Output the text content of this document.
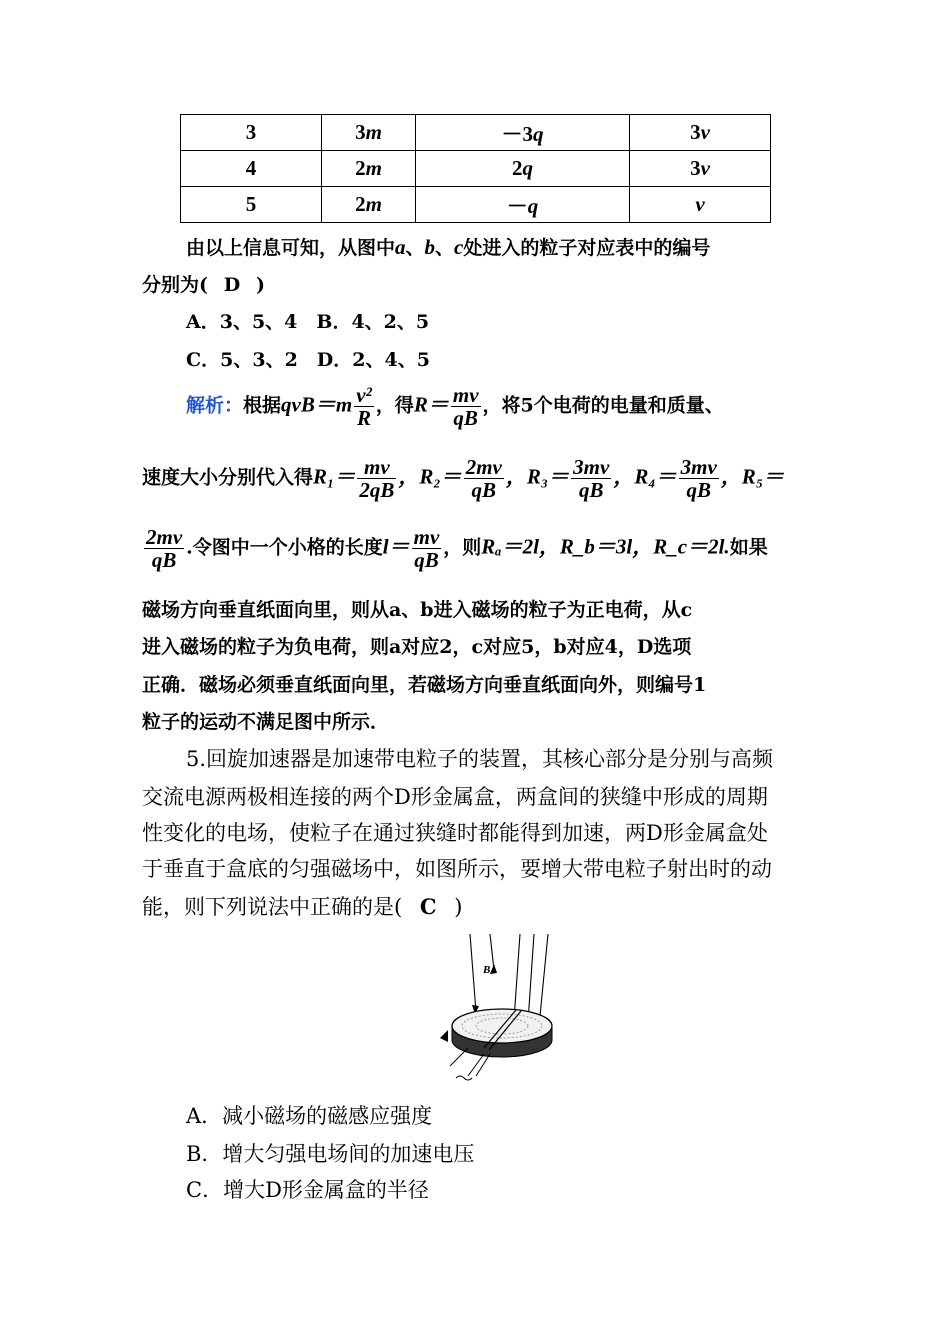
3	3m	－3q	3v
4	2m	2q	3v
5	2m	－q	v
由以上信息可知，从图中a、b、c处进入的粒子对应表中的编号
分别为( D )
A．3、5、4　B．4、2、5
C．5、3、2　D．2、4、5
解析：根据$qvB=m \frac{\text{v²}}{R}$ ，得$R= \frac{mv}{qB}$ ，将5个电荷的电量和质量、
速度大小分别代入得$R_1= \frac{mv}{2qB}$ ，$R_2= \frac{2mv}{qB}$ ，$R_3= \frac{3mv}{qB}$ ，$R_4= \frac{3mv}{qB}$ ，R₅＝
$\frac{2mv}{qB}$ .令图中一个小格的长度$l= \frac{mv}{qB}$ ，则Rₐ＝2l，R_b＝3l，R_c＝2l.如果
磁场方向垂直纸面向里，则从a、b进入磁场的粒子为正电荷，从c
进入磁场的粒子为负电荷，则a对应2，c对应5，b对应4，D选项
正确．磁场必须垂直纸面向里，若磁场方向垂直纸面向外，则编号1
粒子的运动不满足图中所示．
5.回旋加速器是加速带电粒子的装置，其核心部分是分别与高频
交流电源两极相连接的两个D形金属盒，两盒间的狭缝中形成的周期
性变化的电场，使粒子在通过狭缝时都能得到加速，两D形金属盒处
于垂直于盒底的匀强磁场中，如图所示，要增大带电粒子射出时的动
能，则下列说法中正确的是( C )
B
A．减小磁场的磁感应强度
B．增大匀强电场间的加速电压
C．增大D形金属盒的半径
